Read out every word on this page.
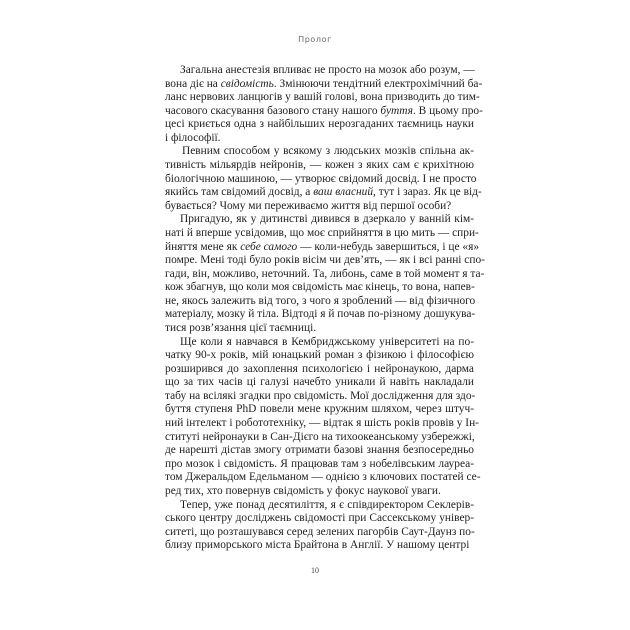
Пролог
Загальна анестезія впливає не просто на мозок або розум, —
вона діє на свідомість. Змінюючи тендітний електрохімічний ба-
ланс нервових ланцюгів у вашій голові, вона призводить до тим-
часового скасування базового стану нашого буття. В цьому про-
цесі криється одна з найбільших нерозгаданих таємниць науки
і філософії.
Певним способом у всякому з людських мозків спільна ак-
тивність мільярдів нейронів, — кожен з яких сам є крихітною
біологічною машиною, — утворює свідомий досвід. І не просто
якийсь там свідомий досвід, а ваш власний, тут і зараз. Як це від-
бувається? Чому ми переживаємо життя від першої особи?
Пригадую, як у дитинстві дивився в дзеркало у ванній кім-
наті й вперше усвідомив, що моє сприйняття в цю мить — спри-
йняття мене як себе самого — коли-небудь завершиться, і це «я»
помре. Мені тоді було років вісім чи дев’ять, — як і всі ранні спо-
гади, він, можливо, неточний. Та, либонь, саме в той момент я та-
кож збагнув, що коли моя свідомість має кінець, то вона, напев-
не, якось залежить від того, з чого я зроблений — від фізичного
матеріалу, мозку й тіла. Відтоді я й почав по-різному дошукува-
тися розв’язання цієї таємниці.
Ще коли я навчався в Кембриджському університеті на по-
чатку 90-х років, мій юнацький роман з фізикою і філософією
розширився до захоплення психологією і нейронаукою, дарма
що за тих часів ці галузі начебто уникали й навіть накладали
табу на всілякі згадки про свідомість. Мої дослідження для здо-
буття ступеня PhD повели мене кружним шляхом, через штуч-
ний інтелект і робототехніку, — відтак я шість років провів у Ін-
ституті нейронауки в Сан-Дієго на тихоокеанському узбережжі,
де нарешті дістав змогу отримати базові знання безпосередньо
про мозок і свідомість. Я працював там з нобелівським лауреа-
том Джеральдом Едельманом — однією з ключових постатей се-
ред тих, хто повернув свідомість у фокус наукової уваги.
Тепер, уже понад десятиліття, я є співдиректором Секлерів-
ського центру досліджень свідомості при Сассекському універ-
ситеті, що розташувався серед зелених пагорбів Саут-Даунз по-
близу приморського міста Брайтона в Англії. У нашому центрі
10
